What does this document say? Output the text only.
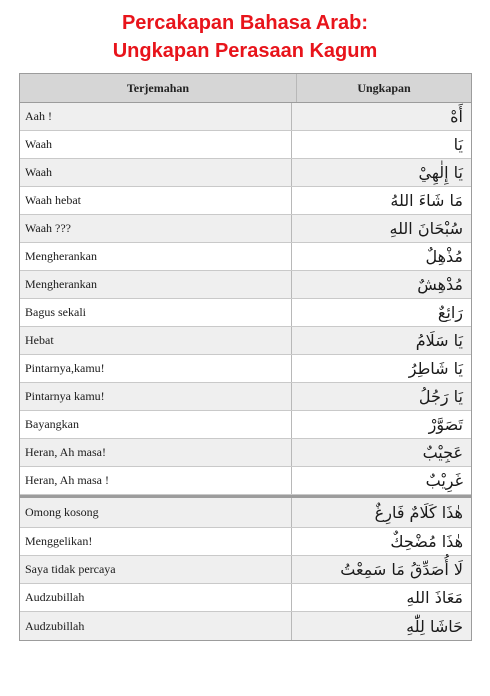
Percakapan Bahasa Arab:
Ungkapan Perasaan Kagum
Terjemahan	Ungkapan
Aah !	أَهْ
Waah	يَا
Waah	يَا إِلٰهِيْ
Waah hebat	مَا شَاءَ اللهُ
Waah ???	سُبْحَانَ اللهِ
Mengherankan	مُذْهِلٌ
Mengherankan	مُدْهِشٌ
Bagus sekali	رَائِعٌ
Hebat	يَا سَلَامُ
Pintarnya,kamu!	يَا شَاطِرُ
Pintarnya kamu!	يَا رَجُلُ
Bayangkan	تَصَوَّرْ
Heran, Ah masa!	عَجِيْبٌ
Heran, Ah masa !	غَرِيْبٌ
Omong kosong	هٰذَا كَلَامٌ فَارِغٌ
Menggelikan!	هٰذَا مُضْحِكٌ
Saya tidak percaya	لَا أُصَدِّقُ مَا سَمِعْتُ
Audzubillah	مَعَاذَ اللهِ
Audzubillah	حَاشَا لِلّٰهِ
